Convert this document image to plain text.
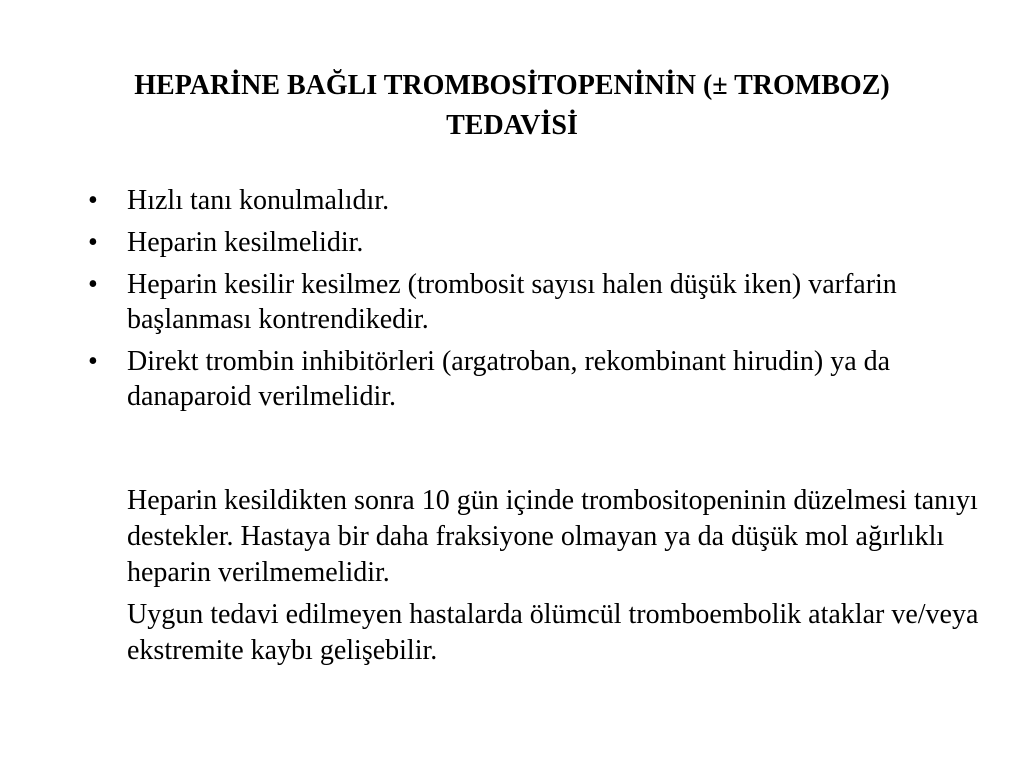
HEPARİNE BAĞLI TROMBOSİTOPENİNİN (± TROMBOZ)
TEDAVİSİ
• Hızlı tanı konulmalıdır.
• Heparin kesilmelidir.
• Heparin kesilir kesilmez (trombosit sayısı halen düşük iken) varfarin başlanması kontrendikedir.
• Direkt trombin inhibitörleri (argatroban, rekombinant hirudin) ya da danaparoid verilmelidir.

Heparin kesildikten sonra 10 gün içinde trombositopeninin düzelmesi tanıyı destekler. Hastaya bir daha fraksiyone olmayan ya da düşük mol ağırlıklı heparin verilmemelidir.

Uygun tedavi edilmeyen hastalarda ölümcül tromboembolik ataklar ve/veya ekstremite kaybı gelişebilir.
